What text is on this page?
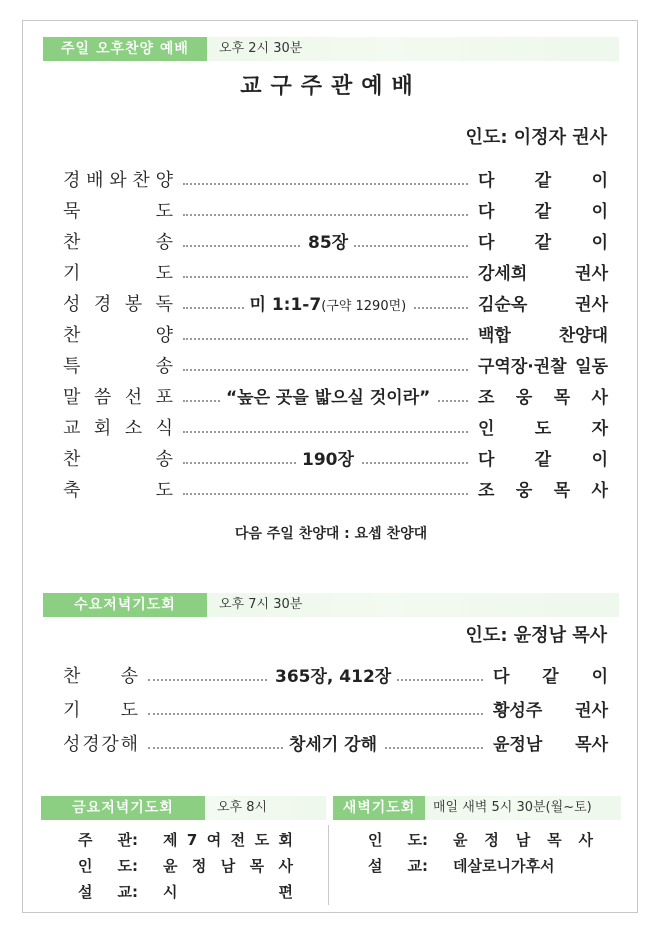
주일 오후찬양 예배	오후 2시 30분
교구주관예배
인도: 이정자 권사
경 배 와 찬 양	다 같 이
묵	도	다 같 이
찬	송	85장	다 같 이
기	도	강세희	권사
성 경 봉 독	미 1:1-7(구약 1290면)	김순옥	권사
찬	양	백합	찬양대
특	송	구역장·권찰 일동
말 씀 선 포	“높은 곳을 밟으실 것이라”	조 웅 목 사
교 회 소 식	인 도 자
찬	송	190장	다 같 이
축	도	조 웅 목 사
다음 주일 찬양대 : 요셉 찬양대
수요저녁기도회	오후 7시 30분
인도: 윤정남 목사
찬 송	365장, 412장	다 같 이
기 도	황성주 권사
성 경 강 해	창세기 강해	윤정남 목사
금요저녁기도회	오후 8시
주 관: 제 7 여 전 도 회
인 도: 윤 정 남 목 사
설 교: 시	편
새벽기도회	매일 새벽 5시 30분(월~토)
인 도: 윤 정 남 목 사
설 교: 데살로니가후서
